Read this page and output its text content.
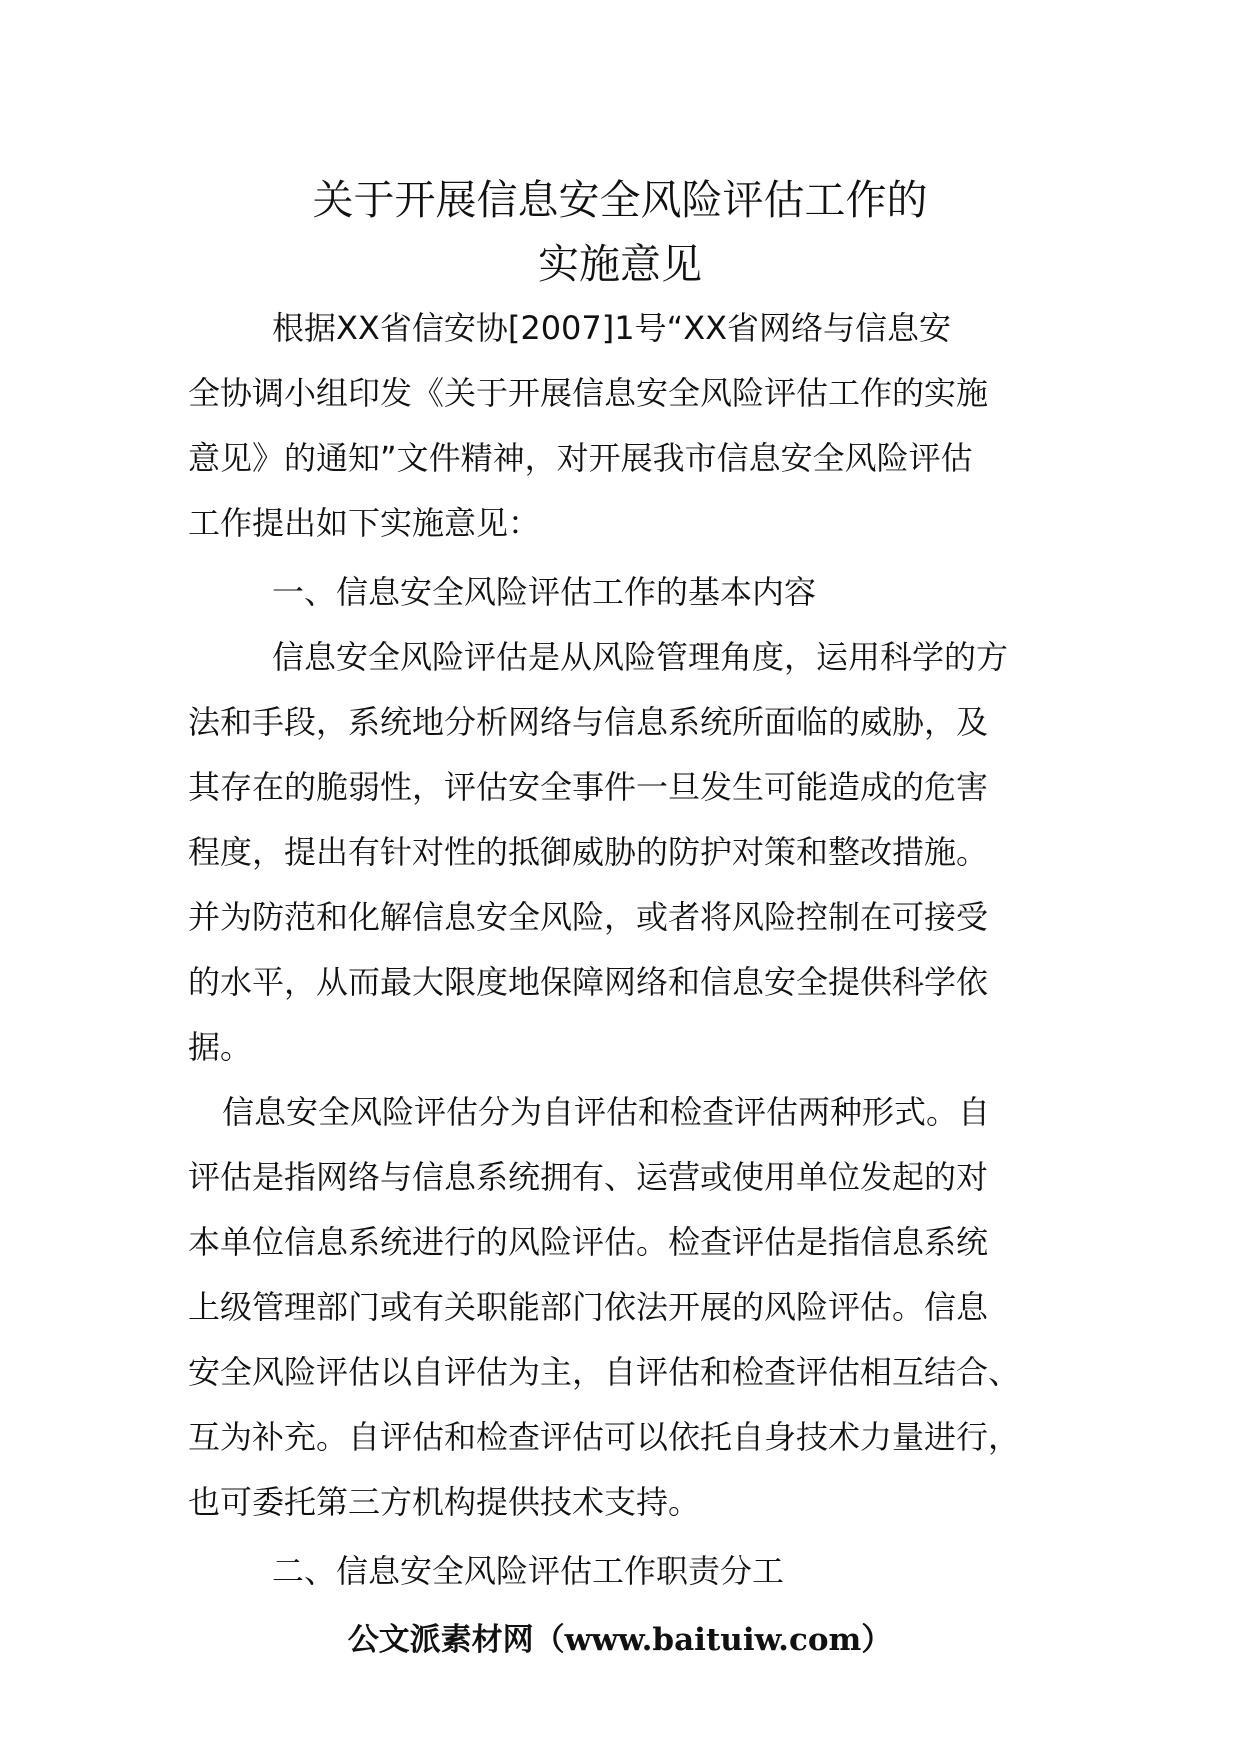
关于开展信息安全风险评估工作的
实施意见

根据XX省信安协[2007]1号“XX省网络与信息安
全协调小组印发《关于开展信息安全风险评估工作的实施
意见》的通知”文件精神，对开展我市信息安全风险评估
工作提出如下实施意见：

一、信息安全风险评估工作的基本内容

信息安全风险评估是从风险管理角度，运用科学的方
法和手段，系统地分析网络与信息系统所面临的威胁，及
其存在的脆弱性，评估安全事件一旦发生可能造成的危害
程度，提出有针对性的抵御威胁的防护对策和整改措施。
并为防范和化解信息安全风险，或者将风险控制在可接受
的水平，从而最大限度地保障网络和信息安全提供科学依
据。

信息安全风险评估分为自评估和检查评估两种形式。自
评估是指网络与信息系统拥有、运营或使用单位发起的对
本单位信息系统进行的风险评估。检查评估是指信息系统
上级管理部门或有关职能部门依法开展的风险评估。信息
安全风险评估以自评估为主，自评估和检查评估相互结合、
互为补充。自评估和检查评估可以依托自身技术力量进行，
也可委托第三方机构提供技术支持。

二、信息安全风险评估工作职责分工

公文派素材网（www.baituiw.com）
